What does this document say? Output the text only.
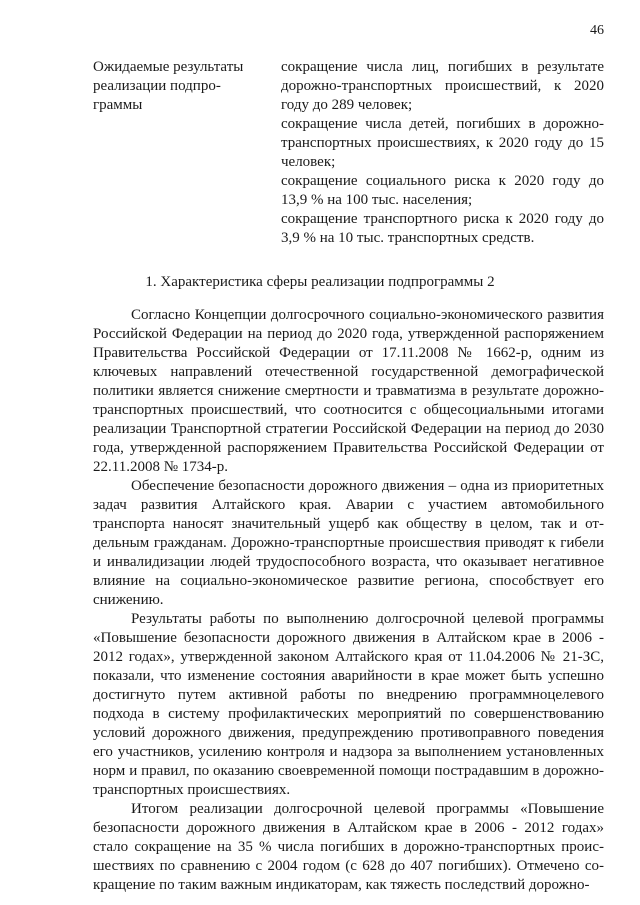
46
Ожидаемые результаты реализации подпрограммы

сокращение числа лиц, погибших в результате дорожно-транспортных происшествий, к 2020 году до 289 человек;

сокращение числа детей, погибших в дорожно-транспортных происшествиях, к 2020 году до 15 человек;

сокращение социального риска к 2020 году до 13,9 % на 100 тыс. населения;

сокращение транспортного риска к 2020 году до 3,9 % на 10 тыс. транспортных средств.

1. Характеристика сферы реализации подпрограммы 2

Согласно Концепции долгосрочного социально-экономического развития Российской Федерации на период до 2020 года, утвержденной распоряжением Правительства Российской Федерации от 17.11.2008 № 1662-р, одним из ключевых направлений отечественной государственной демографической политики является снижение смертности и травматизма в результате дорожно-транспортных происшествий, что соотносится с общесоциальными итогами реализации Транспортной стратегии Российской Федерации на период до 2030 года, утвержденной распоряжением Правительства Российской Федерации от 22.11.2008 № 1734-р.

Обеспечение безопасности дорожного движения – одна из приоритетных задач развития Алтайского края. Аварии с участием автомобильного транспорта наносят значительный ущерб как обществу в целом, так и отдельным гражданам. Дорожно-транспортные происшествия приводят к гибели и инвалидизации людей трудоспособного возраста, что оказывает негативное влияние на социально-экономическое развитие региона, способствует его снижению.

Результаты работы по выполнению долгосрочной целевой программы «Повышение безопасности дорожного движения в Алтайском крае в 2006 - 2012 годах», утвержденной законом Алтайского края от 11.04.2006 № 21-ЗС, показали, что изменение состояния аварийности в крае может быть успешно достигнуто путем активной работы по внедрению программноцелевого подхода в систему профилактических мероприятий по совершенствованию условий дорожного движения, предупреждению противоправного поведения его участников, усилению контроля и надзора за выполнением установленных норм и правил, по оказанию своевременной помощи пострадавшим в дорожно-транспортных происшествиях.

Итогом реализации долгосрочной целевой программы «Повышение безопасности дорожного движения в Алтайском крае в 2006 - 2012 годах» стало сокращение на 35 % числа погибших в дорожно-транспортных происшествиях по сравнению с 2004 годом (с 628 до 407 погибших). Отмечено сокращение по таким важным индикаторам, как тяжесть последствий дорожно-
